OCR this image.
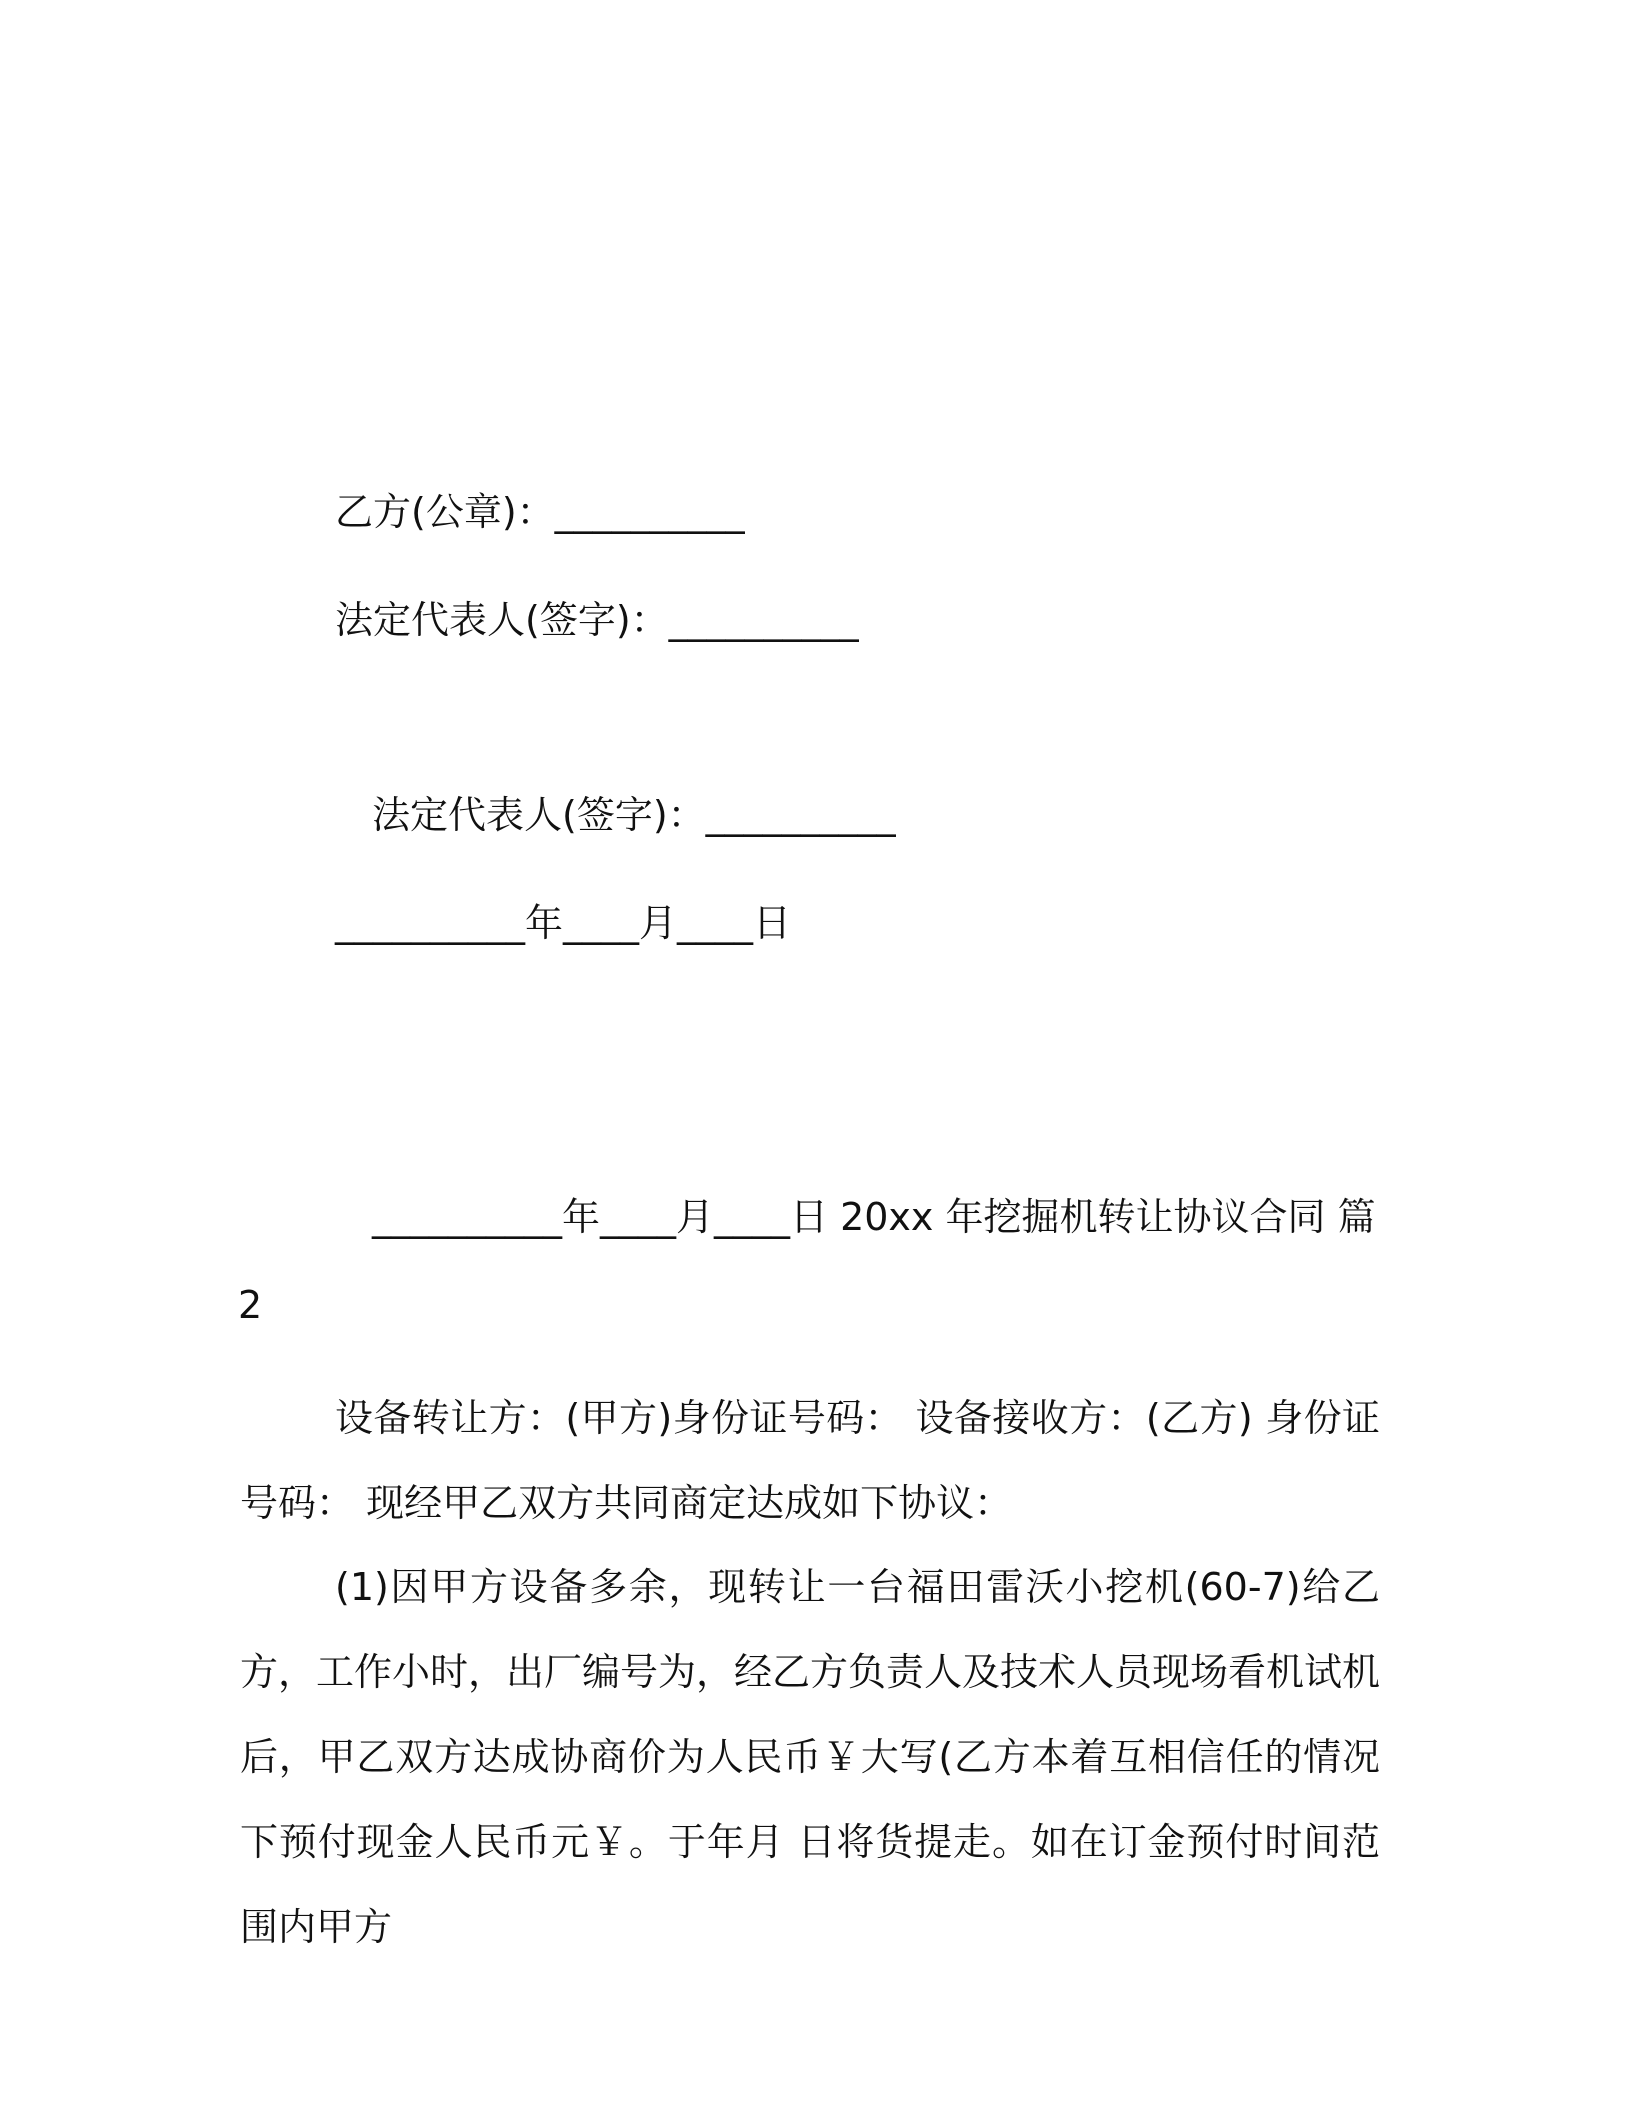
乙方(公章)：__________
法定代表人(签字)：__________
法定代表人(签字)：__________
__________年____月____日
__________年____月____日 20xx 年挖掘机转让协议合同 篇
2
设备转让方：(甲方)身份证号码： 设备接收方：(乙方) 身份证号码： 现经甲乙双方共同商定达成如下协议：
(1)因甲方设备多余，现转让一台福田雷沃小挖机(60-7)给乙方，工作小时，出厂编号为，经乙方负责人及技术人员现场看机试机后，甲乙双方达成协商价为人民币￥大写(乙方本着互相信任的情况下预付现金人民币元￥。于年月 日将货提走。如在订金预付时间范围内甲方
